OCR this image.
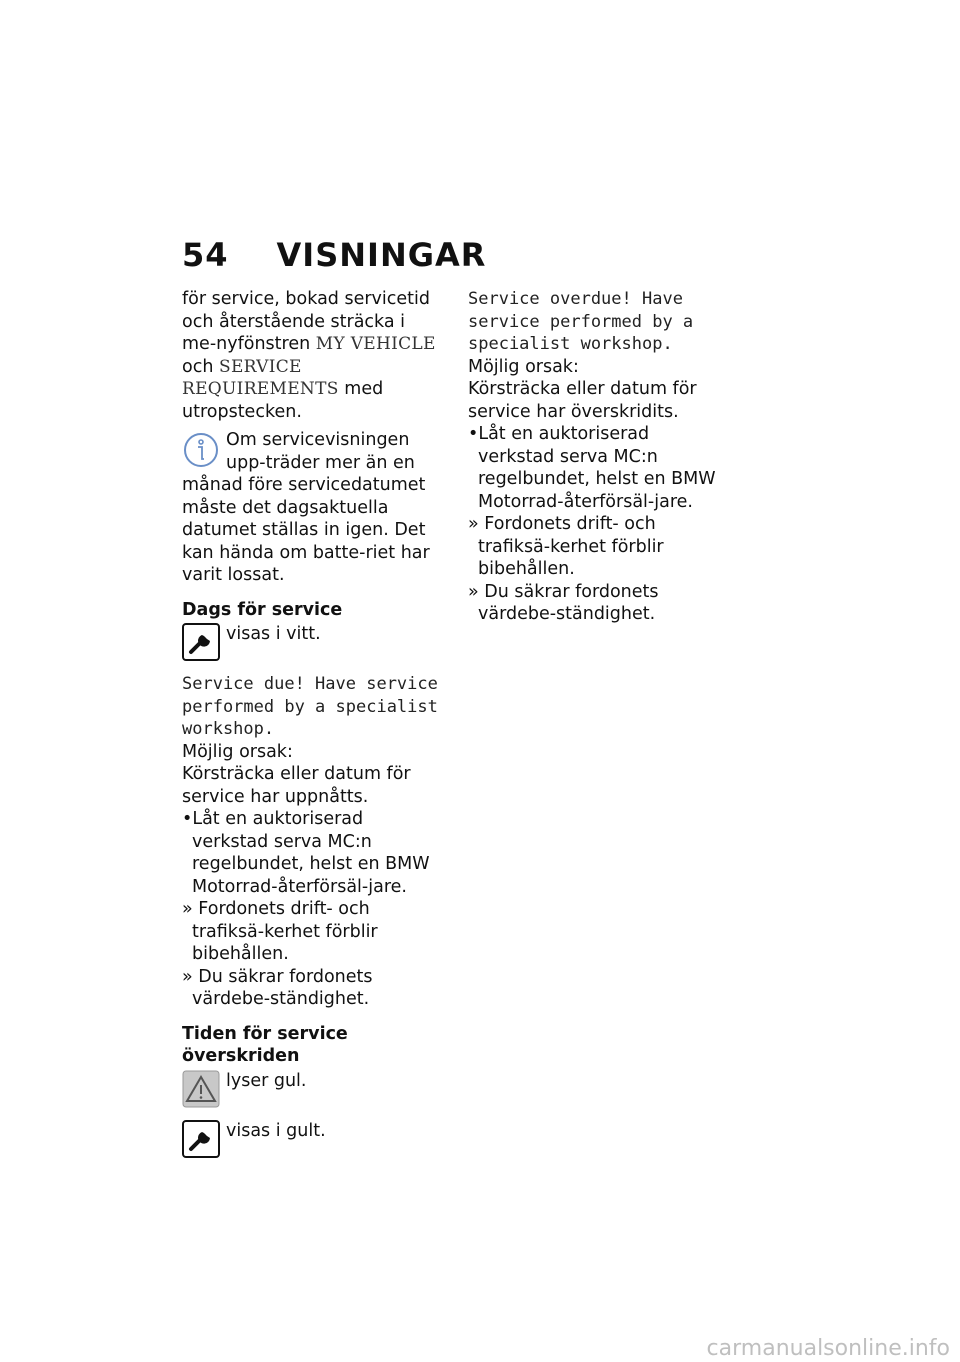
54 VISNINGAR

för service, bokad servicetid och återstående sträcka i me-nyfönstren MY VEHICLE och SERVICE REQUIREMENTS med utropstecken.

Om servicevisningen upp-träder mer än en månad före servicedatumet måste det dagsaktuella datumet ställas in igen. Det kan hända om batte-riet har varit lossat.

Dags för service

visas i vitt.

Service due! Have service performed by a specialist workshop.

Möjlig orsak:

Körsträcka eller datum för service har uppnåtts.

•Låt en auktoriserad verkstad serva MC:n regelbundet, helst en BMW Motorrad-återförsäl-jare.

» Fordonets drift- och trafiksä-kerhet förblir bibehållen.

» Du säkrar fordonets värdebe-ständighet.

Tiden för service överskriden

lyser gul.

visas i gult.

Service overdue! Have service performed by a specialist workshop.

Möjlig orsak:

Körsträcka eller datum för service har överskridits.

•Låt en auktoriserad verkstad serva MC:n regelbundet, helst en BMW Motorrad-återförsäl-jare.

» Fordonets drift- och trafiksä-kerhet förblir bibehållen.

» Du säkrar fordonets värdebe-ständighet.

carmanualsonline.info
